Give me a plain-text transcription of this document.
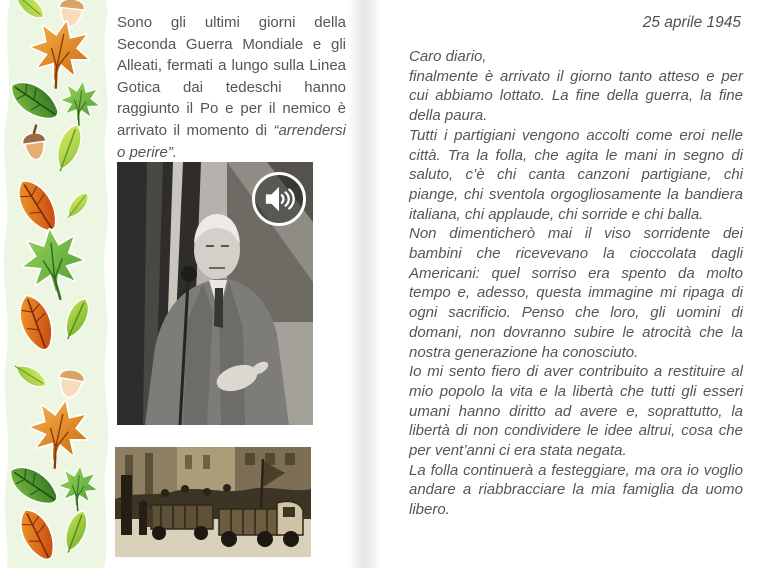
Sono gli ultimi giorni della Seconda Guerra Mondiale e gli Alleati, fermati a lungo sulla Linea Gotica dai tedeschi hanno raggiunto il Po e per il nemico è arrivato il momento di “arrendersi o perire”.

25 aprile 1945

Caro diario,

finalmente è arrivato il giorno tanto atteso e per cui abbiamo lottato. La fine della guerra, la fine della paura.

Tutti i partigiani vengono accolti come eroi nelle città. Tra la folla, che agita le mani in segno di saluto, c’è chi canta canzoni partigiane, chi piange, chi sventola orgogliosamente la bandiera italiana, chi applaude, chi sorride e chi balla.

Non dimenticherò mai il viso sorridente dei bambini che ricevevano la cioccolata dagli Americani: quel sorriso era spento da molto tempo e, adesso, questa immagine mi ripaga di ogni sacrificio. Penso che loro, gli uomini di domani, non dovranno subire le atrocità che la nostra generazione ha conosciuto.

Io mi sento fiero di aver contribuito a restituire al mio popolo la vita e la libertà che tutti gli esseri umani hanno diritto ad avere e, soprattutto, la libertà di non condividere le idee altrui, cosa che per vent’anni ci era stata negata.

La folla continuerà a festeggiare, ma ora io voglio andare a riabbracciare la mia famiglia da uomo libero.
